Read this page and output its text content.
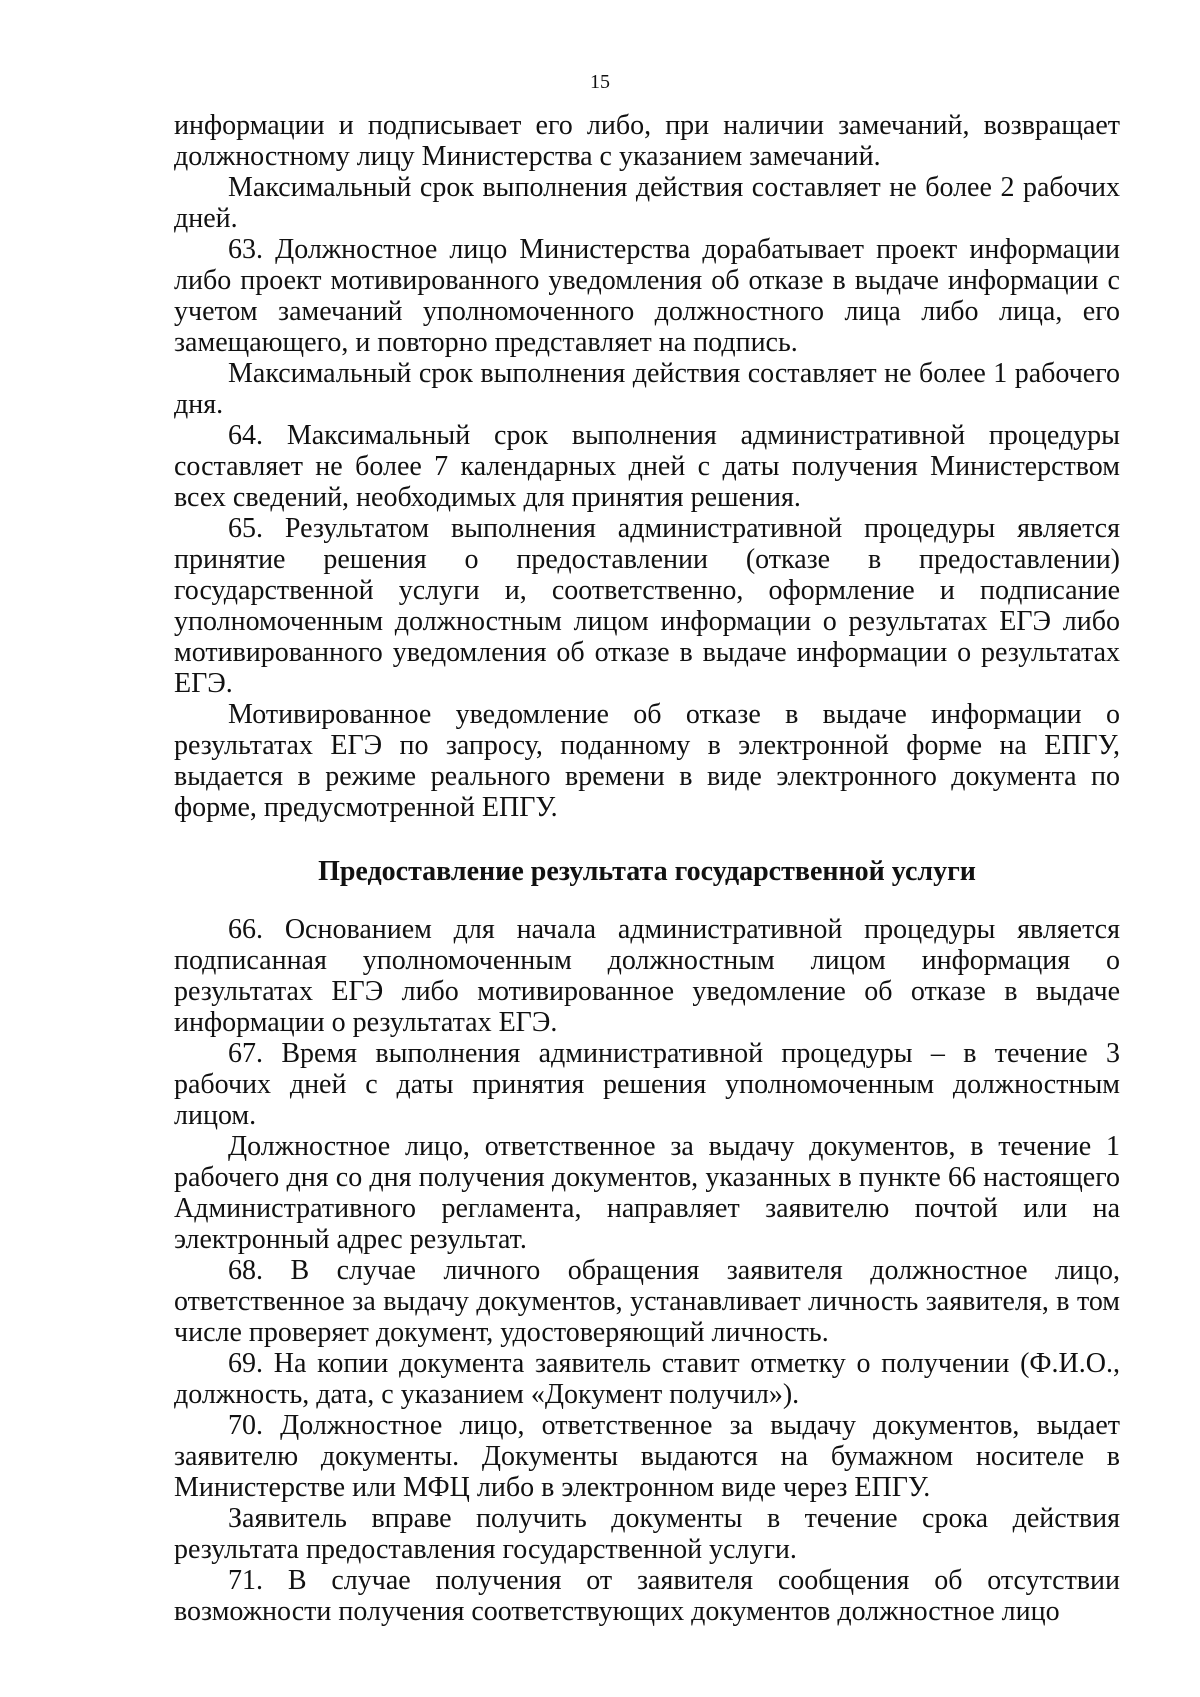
15

информации и подписывает его либо, при наличии замечаний, возвращает должностному лицу Министерства с указанием замечаний.

Максимальный срок выполнения действия составляет не более 2 рабочих дней.

63. Должностное лицо Министерства дорабатывает проект информации либо проект мотивированного уведомления об отказе в выдаче информации с учетом замечаний уполномоченного должностного лица либо лица, его замещающего, и повторно представляет на подпись.

Максимальный срок выполнения действия составляет не более 1 рабочего дня.

64. Максимальный срок выполнения административной процедуры составляет не более 7 календарных дней с даты получения Министерством всех сведений, необходимых для принятия решения.

65. Результатом выполнения административной процедуры является принятие решения о предоставлении (отказе в предоставлении) государственной услуги и, соответственно, оформление и подписание уполномоченным должностным лицом информации о результатах ЕГЭ либо мотивированного уведомления об отказе в выдаче информации о результатах ЕГЭ.

Мотивированное уведомление об отказе в выдаче информации о результатах ЕГЭ по запросу, поданному в электронной форме на ЕПГУ, выдается в режиме реального времени в виде электронного документа по форме, предусмотренной ЕПГУ.

Предоставление результата государственной услуги

66. Основанием для начала административной процедуры является подписанная уполномоченным должностным лицом информация о результатах ЕГЭ либо мотивированное уведомление об отказе в выдаче информации о результатах ЕГЭ.

67. Время выполнения административной процедуры – в течение 3 рабочих дней с даты принятия решения уполномоченным должностным лицом.

Должностное лицо, ответственное за выдачу документов, в течение 1 рабочего дня со дня получения документов, указанных в пункте 66 настоящего Административного регламента, направляет заявителю почтой или на электронный адрес результат.

68. В случае личного обращения заявителя должностное лицо, ответственное за выдачу документов, устанавливает личность заявителя, в том числе проверяет документ, удостоверяющий личность.

69. На копии документа заявитель ставит отметку о получении (Ф.И.О., должность, дата, с указанием «Документ получил»).

70. Должностное лицо, ответственное за выдачу документов, выдает заявителю документы. Документы выдаются на бумажном носителе в Министерстве или МФЦ либо в электронном виде через ЕПГУ.

Заявитель вправе получить документы в течение срока действия результата предоставления государственной услуги.

71. В случае получения от заявителя сообщения об отсутствии возможности получения соответствующих документов должностное лицо
